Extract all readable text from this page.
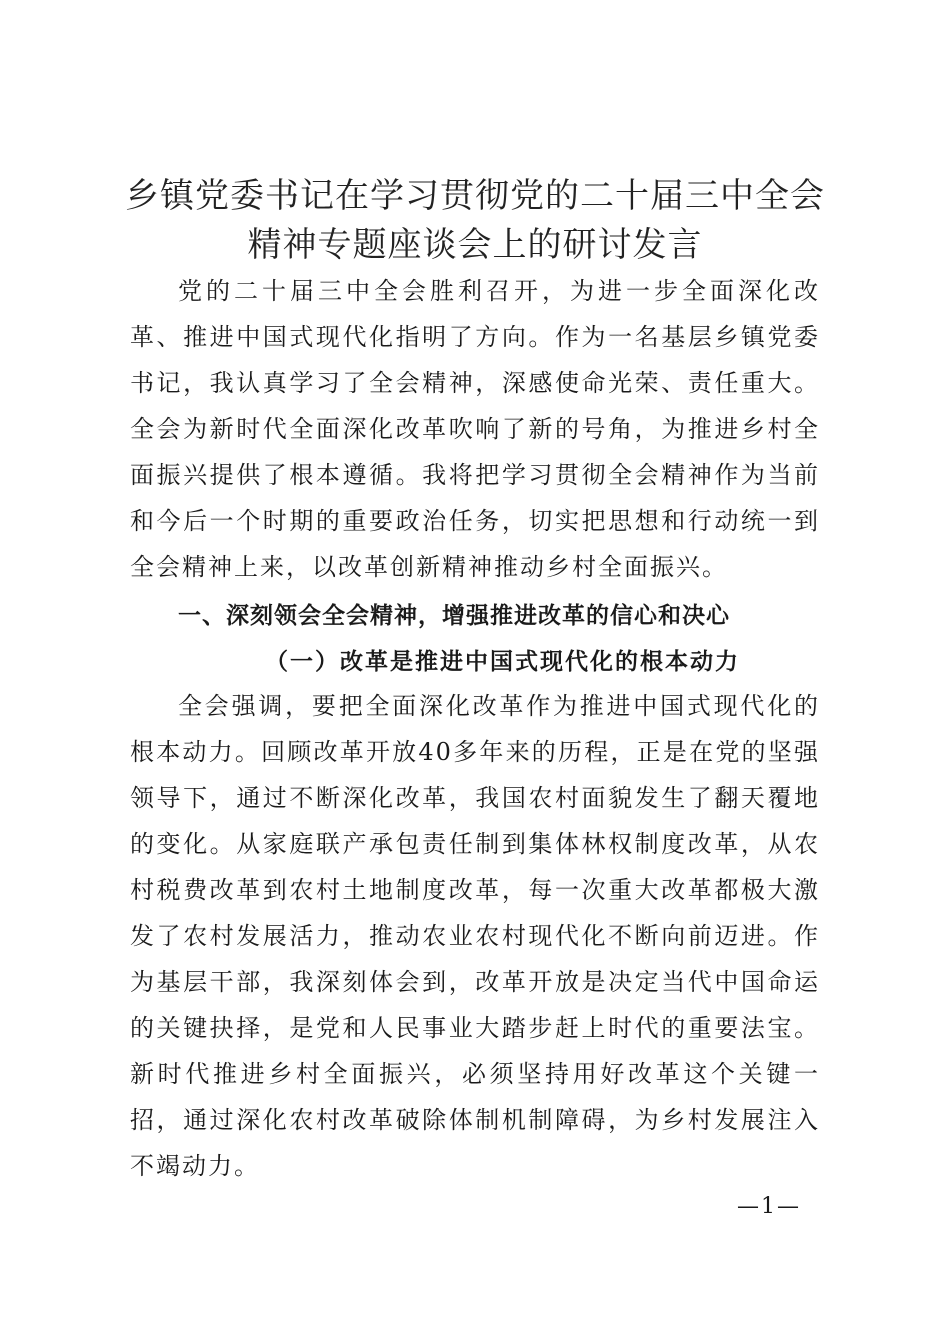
乡镇党委书记在学习贯彻党的二十届三中全会
精神专题座谈会上的研讨发言

党的二十届三中全会胜利召开，为进一步全面深化改革、推进中国式现代化指明了方向。作为一名基层乡镇党委书记，我认真学习了全会精神，深感使命光荣、责任重大。全会为新时代全面深化改革吹响了新的号角，为推进乡村全面振兴提供了根本遵循。我将把学习贯彻全会精神作为当前和今后一个时期的重要政治任务，切实把思想和行动统一到全会精神上来，以改革创新精神推动乡村全面振兴。

一、深刻领会全会精神，增强推进改革的信心和决心
（一）改革是推进中国式现代化的根本动力

全会强调，要把全面深化改革作为推进中国式现代化的根本动力。回顾改革开放40多年来的历程，正是在党的坚强领导下，通过不断深化改革，我国农村面貌发生了翻天覆地的变化。从家庭联产承包责任制到集体林权制度改革，从农村税费改革到农村土地制度改革，每一次重大改革都极大激发了农村发展活力，推动农业农村现代化不断向前迈进。作为基层干部，我深刻体会到，改革开放是决定当代中国命运的关键抉择，是党和人民事业大踏步赶上时代的重要法宝。新时代推进乡村全面振兴，必须坚持用好改革这个关键一招，通过深化农村改革破除体制机制障碍，为乡村发展注入不竭动力。

—1—
